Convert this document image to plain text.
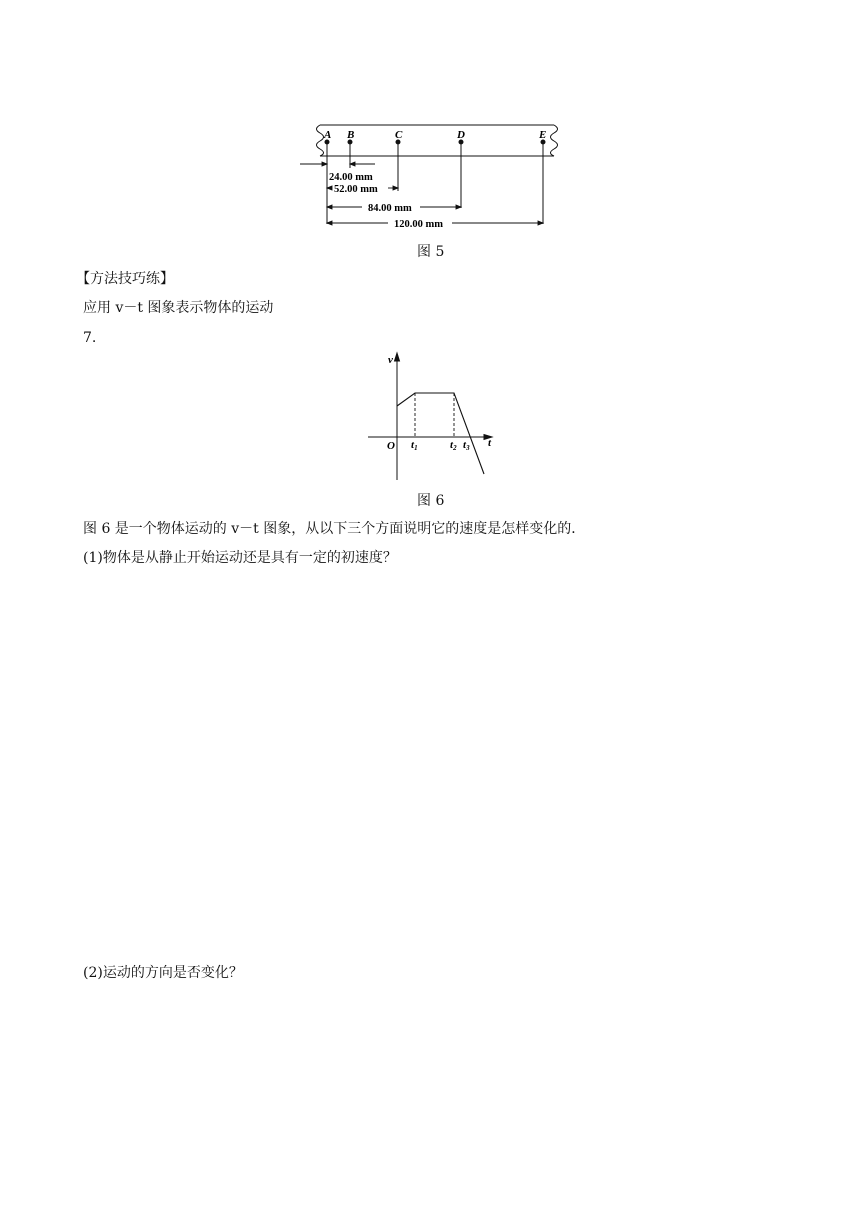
A B	C	D	E
24.00 mm
52.00 mm
84.00 mm
120.00 mm
图 5
【方法技巧练】
应用 v－t 图象表示物体的运动
7.
v
t
O t1	t2 t3
图 6
图 6 是一个物体运动的 v－t 图象，从以下三个方面说明它的速度是怎样变化的．
(1)物体是从静止开始运动还是具有一定的初速度？
(2)运动的方向是否变化？
